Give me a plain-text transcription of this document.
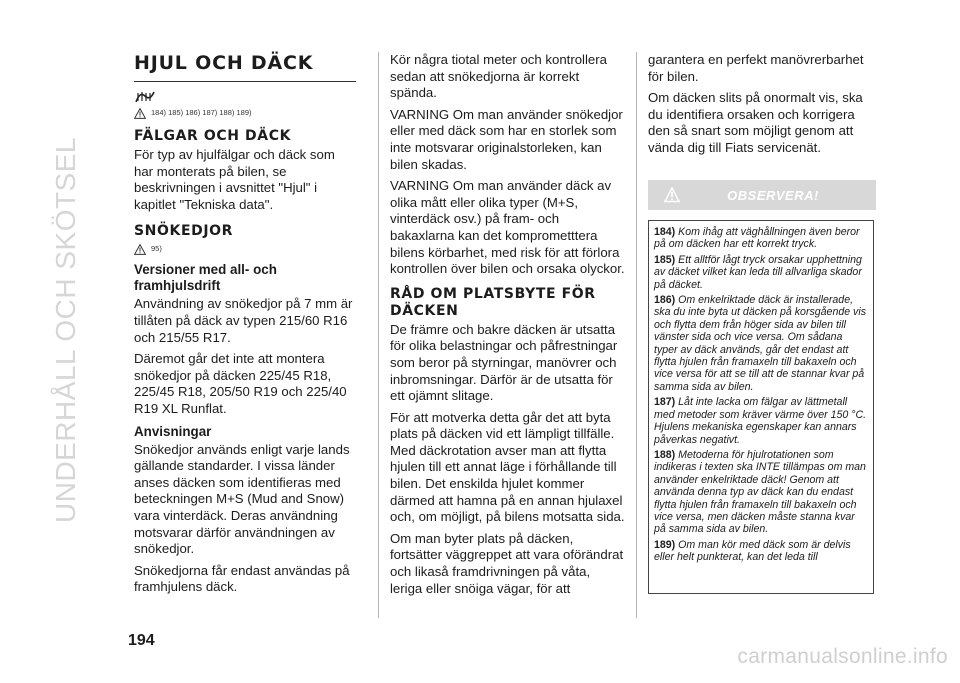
UNDERHÅLL OCH SKÖTSEL
HJUL OCH DÄCK
184) 185) 186) 187) 188) 189)
FÄLGAR OCH DÄCK

För typ av hjulfälgar och däck som har monterats på bilen, se beskrivningen i avsnittet "Hjul" i kapitlet "Tekniska data".

SNÖKEDJOR
95)
Versioner med all- och framhjulsdrift

Användning av snökedjor på 7 mm är tillåten på däck av typen 215/60 R16 och 215/55 R17.

Däremot går det inte att montera snökedjor på däcken 225/45 R18, 225/45 R18, 205/50 R19 och 225/40 R19 XL Runflat.

Anvisningar

Snökedjor används enligt varje lands gällande standarder. I vissa länder anses däcken som identifieras med beteckningen M+S (Mud and Snow) vara vinterdäck. Deras användning motsvarar därför användningen av snökedjor.

Snökedjorna får endast användas på framhjulens däck.

Kör några tiotal meter och kontrollera sedan att snökedjorna är korrekt spända.

VARNING Om man använder snökedjor eller med däck som har en storlek som inte motsvarar originalstorleken, kan bilen skadas.

VARNING Om man använder däck av olika mått eller olika typer (M+S, vinterdäck osv.) på fram- och bakaxlarna kan det komprometttera bilens körbarhet, med risk för att förlora kontrollen över bilen och orsaka olyckor.

RÅD OM PLATSBYTE FÖR DÄCKEN

De främre och bakre däcken är utsatta för olika belastningar och påfrestningar som beror på styrningar, manövrer och inbromsningar. Därför är de utsatta för ett ojämnt slitage.

För att motverka detta går det att byta plats på däcken vid ett lämpligt tillfälle. Med däckrotation avser man att flytta hjulen till ett annat läge i förhållande till bilen. Det enskilda hjulet kommer därmed att hamna på en annan hjulaxel och, om möjligt, på bilens motsatta sida.

Om man byter plats på däcken, fortsätter väggreppet att vara oförändrat och likaså framdrivningen på våta, leriga eller snöiga vägar, för att

garantera en perfekt manövrerbarhet för bilen.

Om däcken slits på onormalt vis, ska du identifiera orsaken och korrigera den så snart som möjligt genom att vända dig till Fiats servicenät.

OBSERVERA!

184) Kom ihåg att väghållningen även beror på om däcken har ett korrekt tryck.

185) Ett alltför lågt tryck orsakar upphettning av däcket vilket kan leda till allvarliga skador på däcket.

186) Om enkelriktade däck är installerade, ska du inte byta ut däcken på korsgående vis och flytta dem från höger sida av bilen till vänster sida och vice versa. Om sådana typer av däck används, går det endast att flytta hjulen från framaxeln till bakaxeln och vice versa för att se till att de stannar kvar på samma sida av bilen.

187) Låt inte lacka om fälgar av lättmetall med metoder som kräver värme över 150 °C. Hjulens mekaniska egenskaper kan annars påverkas negativt.

188) Metoderna för hjulrotationen som indikeras i texten ska INTE tillämpas om man använder enkelriktade däck! Genom att använda denna typ av däck kan du endast flytta hjulen från framaxeln till bakaxeln och vice versa, men däcken måste stanna kvar på samma sida av bilen.

189) Om man kör med däck som är delvis eller helt punkterat, kan det leda till

194
carmanualsonline.info
